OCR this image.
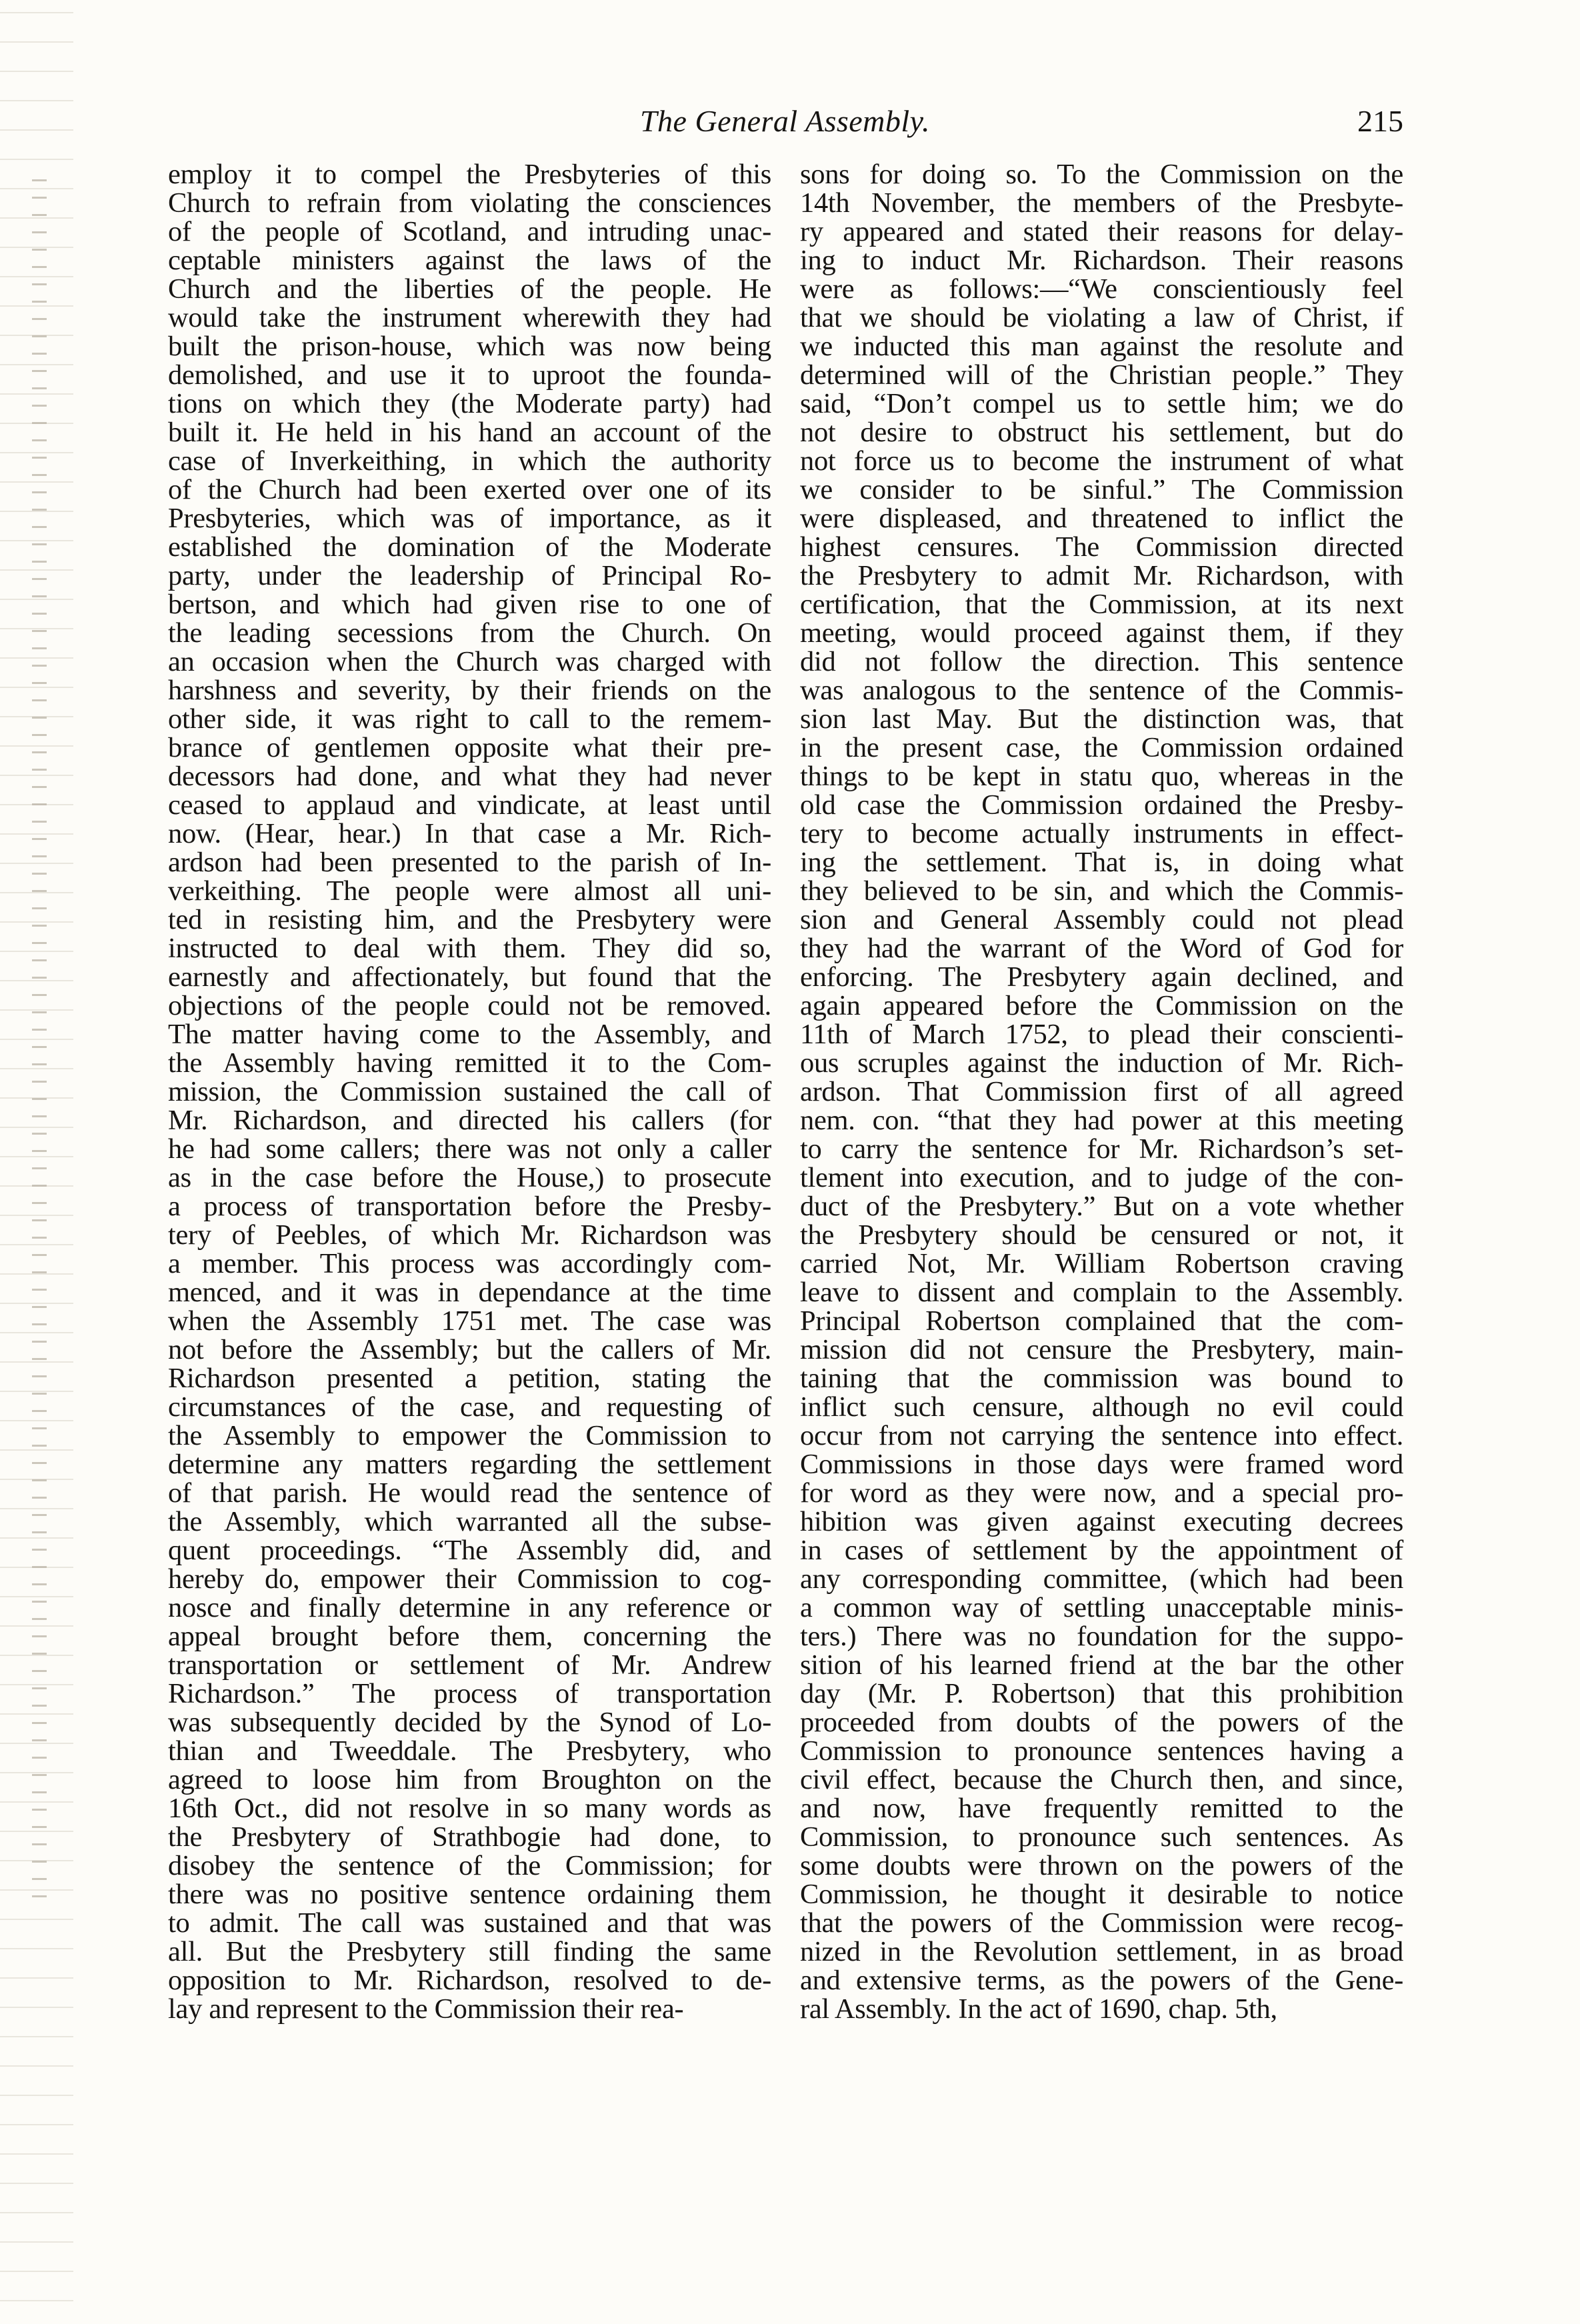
The General Assembly.	215
employ it to compel the Presbyteries of this
Church to refrain from violating the consciences
of the people of Scotland, and intruding unac-
ceptable ministers against the laws of the
Church and the liberties of the people. He
would take the instrument wherewith they had
built the prison-house, which was now being
demolished, and use it to uproot the founda-
tions on which they (the Moderate party) had
built it. He held in his hand an account of the
case of Inverkeithing, in which the authority
of the Church had been exerted over one of its
Presbyteries, which was of importance, as it
established the domination of the Moderate
party, under the leadership of Principal Ro-
bertson, and which had given rise to one of
the leading secessions from the Church. On
an occasion when the Church was charged with
harshness and severity, by their friends on the
other side, it was right to call to the remem-
brance of gentlemen opposite what their pre-
decessors had done, and what they had never
ceased to applaud and vindicate, at least until
now. (Hear, hear.) In that case a Mr. Rich-
ardson had been presented to the parish of In-
verkeithing. The people were almost all uni-
ted in resisting him, and the Presbytery were
instructed to deal with them. They did so,
earnestly and affectionately, but found that the
objections of the people could not be removed.
The matter having come to the Assembly, and
the Assembly having remitted it to the Com-
mission, the Commission sustained the call of
Mr. Richardson, and directed his callers (for
he had some callers; there was not only a caller
as in the case before the House,) to prosecute
a process of transportation before the Presby-
tery of Peebles, of which Mr. Richardson was
a member. This process was accordingly com-
menced, and it was in dependance at the time
when the Assembly 1751 met. The case was
not before the Assembly; but the callers of Mr.
Richardson presented a petition, stating the
circumstances of the case, and requesting of
the Assembly to empower the Commission to
determine any matters regarding the settlement
of that parish. He would read the sentence of
the Assembly, which warranted all the subse-
quent proceedings. “The Assembly did, and
hereby do, empower their Commission to cog-
nosce and finally determine in any reference or
appeal brought before them, concerning the
transportation or settlement of Mr. Andrew
Richardson.” The process of transportation
was subsequently decided by the Synod of Lo-
thian and Tweeddale. The Presbytery, who
agreed to loose him from Broughton on the
16th Oct., did not resolve in so many words as
the Presbytery of Strathbogie had done, to
disobey the sentence of the Commission; for
there was no positive sentence ordaining them
to admit. The call was sustained and that was
all. But the Presbytery still finding the same
opposition to Mr. Richardson, resolved to de-
lay and represent to the Commission their rea-
sons for doing so. To the Commission on the
14th November, the members of the Presbyte-
ry appeared and stated their reasons for delay-
ing to induct Mr. Richardson. Their reasons
were as follows:—“We conscientiously feel
that we should be violating a law of Christ, if
we inducted this man against the resolute and
determined will of the Christian people.” They
said, “Don’t compel us to settle him; we do
not desire to obstruct his settlement, but do
not force us to become the instrument of what
we consider to be sinful.” The Commission
were displeased, and threatened to inflict the
highest censures. The Commission directed
the Presbytery to admit Mr. Richardson, with
certification, that the Commission, at its next
meeting, would proceed against them, if they
did not follow the direction. This sentence
was analogous to the sentence of the Commis-
sion last May. But the distinction was, that
in the present case, the Commission ordained
things to be kept in statu quo, whereas in the
old case the Commission ordained the Presby-
tery to become actually instruments in effect-
ing the settlement. That is, in doing what
they believed to be sin, and which the Commis-
sion and General Assembly could not plead
they had the warrant of the Word of God for
enforcing. The Presbytery again declined, and
again appeared before the Commission on the
11th of March 1752, to plead their conscienti-
ous scruples against the induction of Mr. Rich-
ardson. That Commission first of all agreed
nem. con. “that they had power at this meeting
to carry the sentence for Mr. Richardson’s set-
tlement into execution, and to judge of the con-
duct of the Presbytery.” But on a vote whether
the Presbytery should be censured or not, it
carried Not, Mr. William Robertson craving
leave to dissent and complain to the Assembly.
Principal Robertson complained that the com-
mission did not censure the Presbytery, main-
taining that the commission was bound to
inflict such censure, although no evil could
occur from not carrying the sentence into effect.
Commissions in those days were framed word
for word as they were now, and a special pro-
hibition was given against executing decrees
in cases of settlement by the appointment of
any corresponding committee, (which had been
a common way of settling unacceptable minis-
ters.) There was no foundation for the suppo-
sition of his learned friend at the bar the other
day (Mr. P. Robertson) that this prohibition
proceeded from doubts of the powers of the
Commission to pronounce sentences having a
civil effect, because the Church then, and since,
and now, have frequently remitted to the
Commission, to pronounce such sentences. As
some doubts were thrown on the powers of the
Commission, he thought it desirable to notice
that the powers of the Commission were recog-
nized in the Revolution settlement, in as broad
and extensive terms, as the powers of the Gene-
ral Assembly. In the act of 1690, chap. 5th,
